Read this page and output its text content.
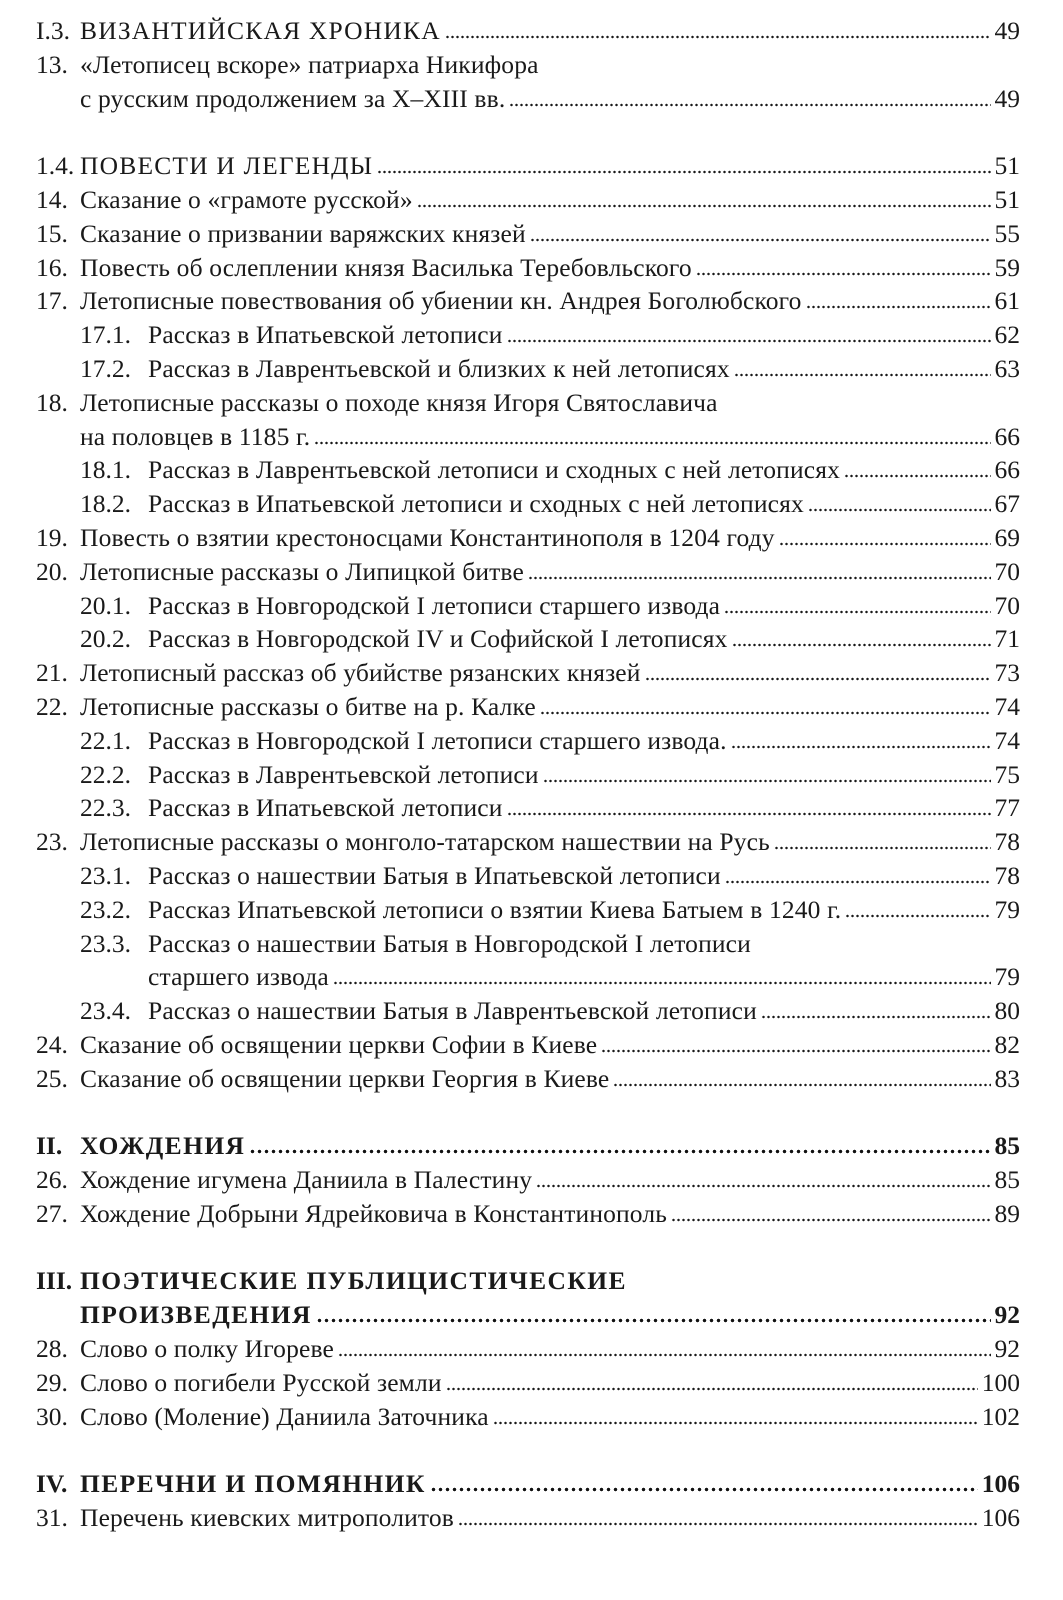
I.3. ВИЗАНТИЙСКАЯ ХРОНИКА	49
13. «Летописец вскоре» патриарха Никифора
с русским продолжением за X–XIII вв.	49
1.4. ПОВЕСТИ И ЛЕГЕНДЫ	51
14. Сказание о «грамоте русской»	51
15. Сказание о призвании варяжских князей	55
16. Повесть об ослеплении князя Василька Теребовльского	59
17. Летописные повествования об убиении кн. Андрея Боголюбского	61
17.1. Рассказ в Ипатьевской летописи	62
17.2. Рассказ в Лаврентьевской и близких к ней летописях	63
18. Летописные рассказы о походе князя Игоря Святославича
на половцев в 1185 г.	66
18.1. Рассказ в Лаврентьевской летописи и сходных с ней летописях	66
18.2. Рассказ в Ипатьевской летописи и сходных с ней летописях	67
19. Повесть о взятии крестоносцами Константинополя в 1204 году	69
20. Летописные рассказы о Липицкой битве	70
20.1. Рассказ в Новгородской I летописи старшего извода	70
20.2. Рассказ в Новгородской IV и Софийской I летописях	71
21. Летописный рассказ об убийстве рязанских князей	73
22. Летописные рассказы о битве на р. Калке	74
22.1. Рассказ в Новгородской I летописи старшего извода.	74
22.2. Рассказ в Лаврентьевской летописи	75
22.3. Рассказ в Ипатьевской летописи	77
23. Летописные рассказы о монголо-татарском нашествии на Русь	78
23.1. Рассказ о нашествии Батыя в Ипатьевской летописи	78
23.2. Рассказ Ипатьевской летописи о взятии Киева Батыем в 1240 г.	79
23.3. Рассказ о нашествии Батыя в Новгородской I летописи
старшего извода	79
23.4. Рассказ о нашествии Батыя в Лаврентьевской летописи	80
24. Сказание об освящении церкви Софии в Киеве	82
25. Сказание об освящении церкви Георгия в Киеве	83
II. ХОЖДЕНИЯ	85
26. Хождение игумена Даниила в Палестину	85
27. Хождение Добрыни Ядрейковича в Константинополь	89
III. ПОЭТИЧЕСКИЕ ПУБЛИЦИСТИЧЕСКИЕ
ПРОИЗВЕДЕНИЯ	92
28. Слово о полку Игореве	92
29. Слово о погибели Русской земли	100
30. Слово (Моление) Даниила Заточника	102
IV. ПЕРЕЧНИ И ПОМЯННИК	106
31. Перечень киевских митрополитов	106
